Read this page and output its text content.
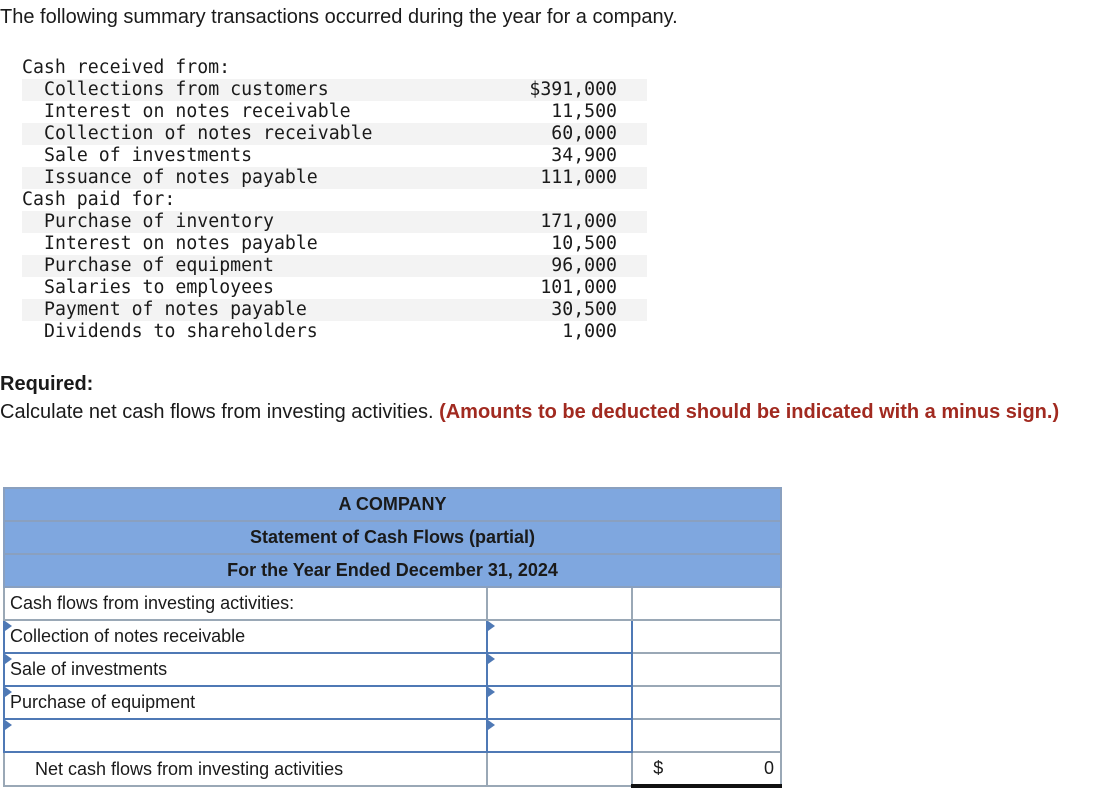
The following summary transactions occurred during the year for a company.
Cash received from:
Collections from customers	$391,000
Interest on notes receivable	11,500
Collection of notes receivable	60,000
Sale of investments	34,900
Issuance of notes payable	111,000
Cash paid for:
Purchase of inventory	171,000
Interest on notes payable	10,500
Purchase of equipment	96,000
Salaries to employees	101,000
Payment of notes payable	30,500
Dividends to shareholders	1,000
Required:
Calculate net cash flows from investing activities. (Amounts to be deducted should be indicated with a minus sign.)
A COMPANY		
Statement of Cash Flows (partial)		
For the Year Ended December 31, 2024		
Cash flows from investing activities:		
Collection of notes receivable		
Sale of investments		
Purchase of equipment		

Net cash flows from investing activities		$ 0
